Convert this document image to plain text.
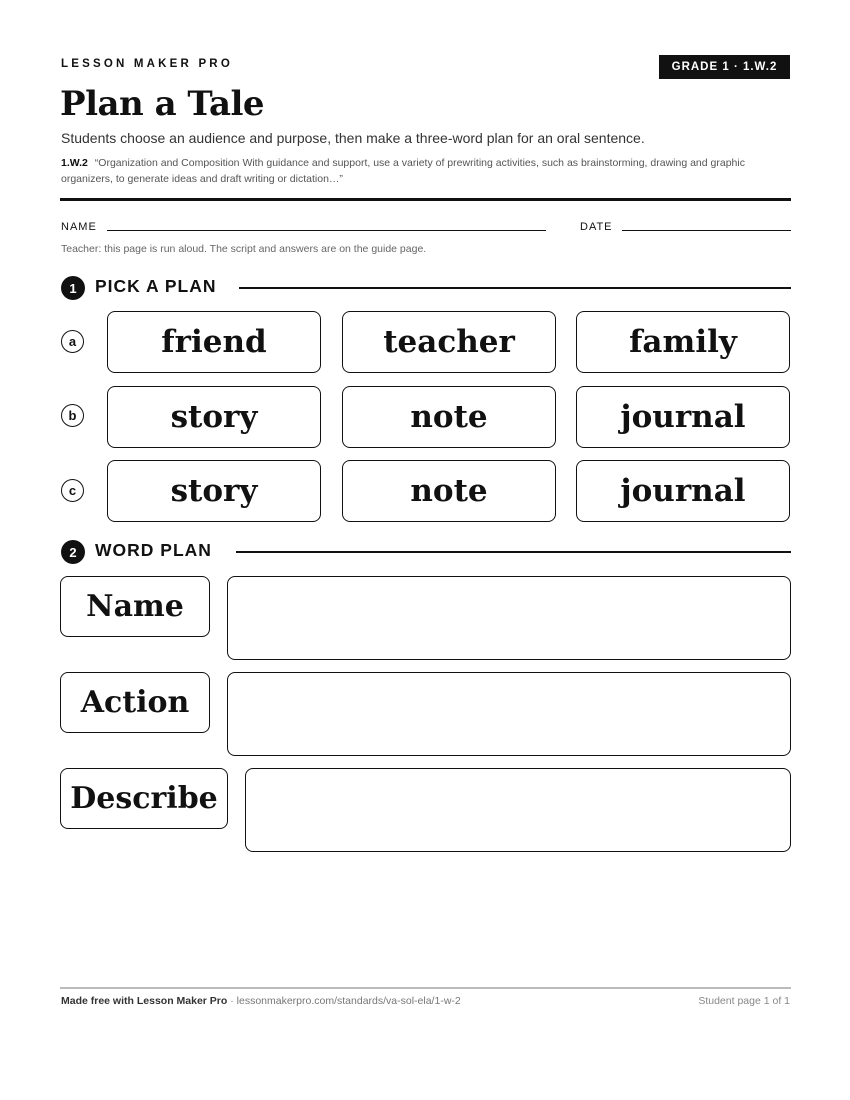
LESSON MAKER PRO	GRADE 1 · 1.W.2
Plan a Tale
Students choose an audience and purpose, then make a three-word plan for an oral sentence.
1.W.2 “Organization and Composition With guidance and support, use a variety of prewriting activities, such as brainstorming, drawing and graphic organizers, to generate ideas and draft writing or dictation…”
NAME	DATE
Teacher: this page is run aloud. The script and answers are on the guide page.
1	PICK A PLAN
a	friend	teacher	family
b	story	note	journal
c	story	note	journal
2	WORD PLAN
Name
Action
Describe
Made free with Lesson Maker Pro · lessonmakerpro.com/standards/va-sol-ela/1-w-2	Student page 1 of 1
